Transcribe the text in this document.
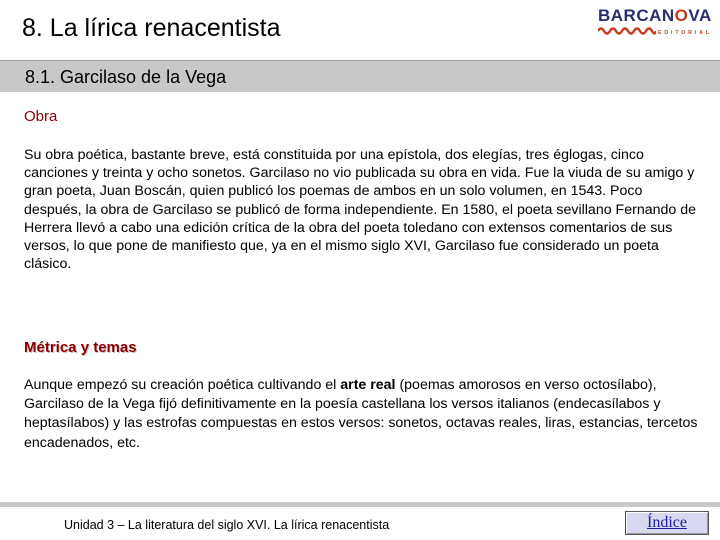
8. La lírica renacentista	BARCANOVA
EDITORIAL
8.1. Garcilaso de la Vega
Obra
Su obra poética, bastante breve, está constituida por una epístola, dos elegías, tres églogas, cinco canciones y treinta y ocho sonetos. Garcilaso no vio publicada su obra en vida. Fue la viuda de su amigo y gran poeta, Juan Boscán, quien publicó los poemas de ambos en un solo volumen, en 1543. Poco después, la obra de Garcilaso se publicó de forma independiente. En 1580, el poeta sevillano Fernando de Herrera llevó a cabo una edición crítica de la obra del poeta toledano con extensos comentarios de sus versos, lo que pone de manifiesto que, ya en el mismo siglo XVI, Garcilaso fue considerado un poeta clásico.
Métrica y temas
Aunque empezó su creación poética cultivando el arte real (poemas amorosos en verso octosílabo), Garcilaso de la Vega fijó definitivamente en la poesía castellana los versos italianos (endecasílabos y heptasílabos) y las estrofas compuestas en estos versos: sonetos, octavas reales, liras, estancias, tercetos encadenados, etc.
Unidad 3 – La literatura del siglo XVI. La lírica renacentista	Índice
